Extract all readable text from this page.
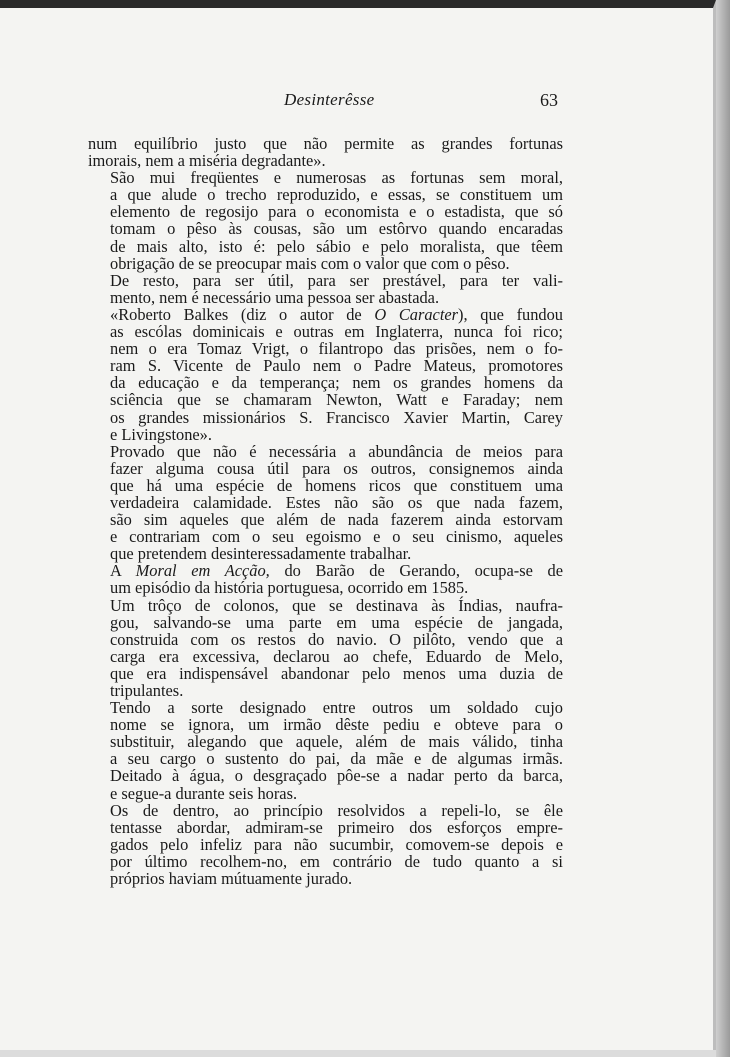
Desinterêsse	63

num equilíbrio justo que não permite as grandes fortunas
imorais, nem a miséria degradante».

São mui freqüentes e numerosas as fortunas sem moral,
a que alude o trecho reproduzido, e essas, se constituem um
elemento de regosijo para o economista e o estadista, que só
tomam o pêso às cousas, são um estôrvo quando encaradas
de mais alto, isto é: pelo sábio e pelo moralista, que têem
obrigação de se preocupar mais com o valor que com o pêso.

De resto, para ser útil, para ser prestável, para ter vali-
mento, nem é necessário uma pessoa ser abastada.

«Roberto Balkes (diz o autor de O Caracter), que fundou
as escólas dominicais e outras em Inglaterra, nunca foi rico;
nem o era Tomaz Vrigt, o filantropo das prisões, nem o fo-
ram S. Vicente de Paulo nem o Padre Mateus, promotores
da educação e da temperança; nem os grandes homens da
sciência que se chamaram Newton, Watt e Faraday; nem
os grandes missionários S. Francisco Xavier Martin, Carey
e Livingstone».

Provado que não é necessária a abundância de meios para
fazer alguma cousa útil para os outros, consignemos ainda
que há uma espécie de homens ricos que constituem uma
verdadeira calamidade. Estes não são os que nada fazem,
são sim aqueles que além de nada fazerem ainda estorvam
e contrariam com o seu egoismo e o seu cinismo, aqueles
que pretendem desinteressadamente trabalhar.

A Moral em Acção, do Barão de Gerando, ocupa-se de
um episódio da história portuguesa, ocorrido em 1585.

Um trôço de colonos, que se destinava às Índias, naufra-
gou, salvando-se uma parte em uma espécie de jangada,
construida com os restos do navio. O pilôto, vendo que a
carga era excessiva, declarou ao chefe, Eduardo de Melo,
que era indispensável abandonar pelo menos uma duzia de
tripulantes.

Tendo a sorte designado entre outros um soldado cujo
nome se ignora, um irmão dêste pediu e obteve para o
substituir, alegando que aquele, além de mais válido, tinha
a seu cargo o sustento do pai, da mãe e de algumas irmãs.
Deitado à água, o desgraçado pôe-se a nadar perto da barca,
e segue-a durante seis horas.

Os de dentro, ao princípio resolvidos a repeli-lo, se êle
tentasse abordar, admiram-se primeiro dos esforços empre-
gados pelo infeliz para não sucumbir, comovem-se depois e
por último recolhem-no, em contrário de tudo quanto a si
próprios haviam mútuamente jurado.
